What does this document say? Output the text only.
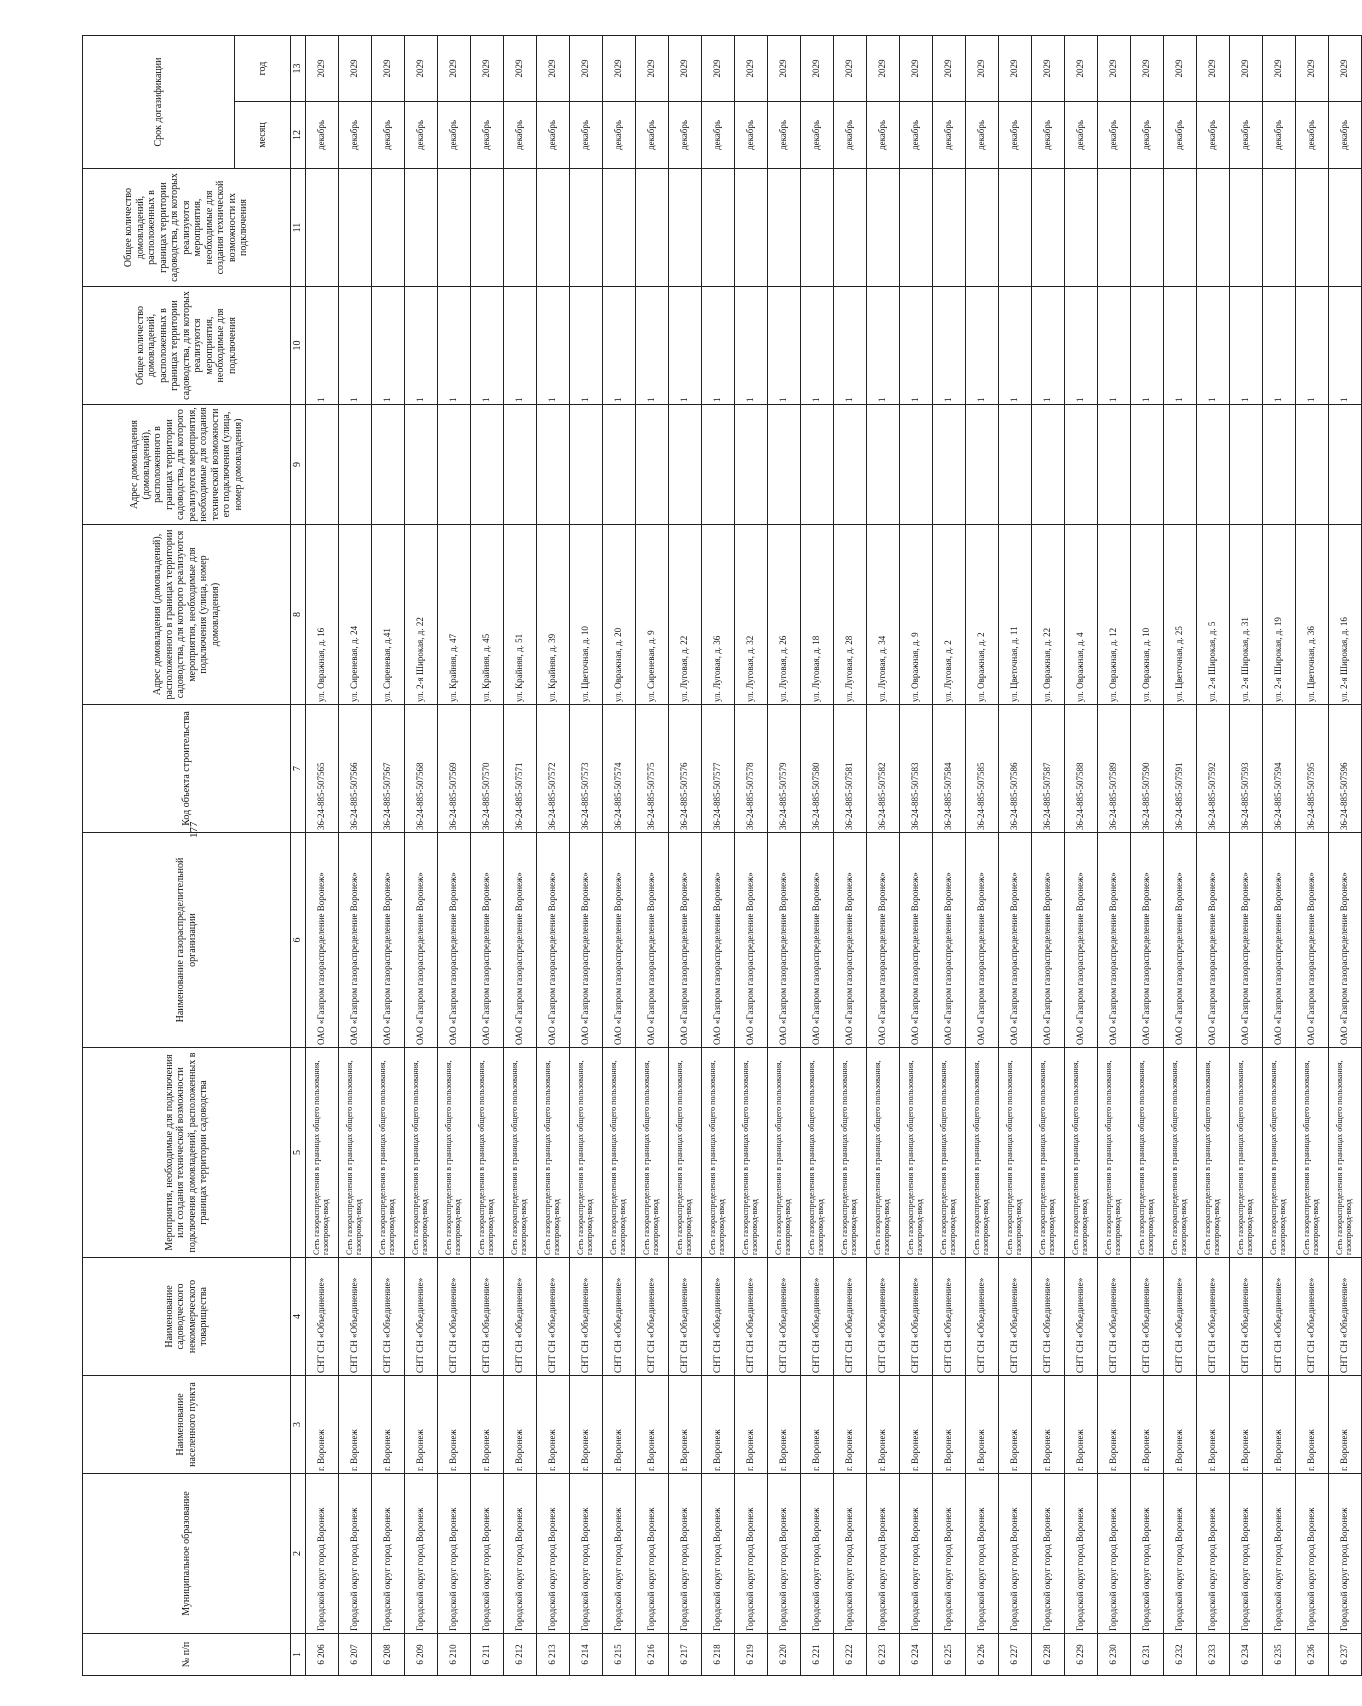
177
№ п/п	Муниципальное образование	Наименование населенного пункта	Наименование садоводческого некоммерческого товарищества	Мероприятия, необходимые для подключения или создания технической возможности подключения домовладений, расположенных в границах территории садоводства	Наименование газораспределительной организации	Код объекта строительства	Адрес домовладения (домовладений), расположенного в границах территории садоводства, для которого реализуются мероприятия, необходимые для подключения (улица, номер домовладения)	Адрес домовладения (домовладений), расположенного в границах территории садоводства, для которого реализуются мероприятия, необходимые для создания технической возможности его подключения (улица, номер домовладения)	Общее количество домовладений, расположенных в границах территории садоводства, для которых реализуются мероприятия, необходимые для подключения	Общее количество домовладений, расположенных в границах территории садоводства, для которых реализуются мероприятия, необходимые для создания технической возможности их подключения	Срок догазификации	
											месяц	год
1	2	3	4	5	6	7	8	9	10	11	12	13
6 206	Городской округ город Воронеж	г. Воронеж	СНТ СН «Объединение»	Сеть газораспределения в границах общего пользования, газопровод-ввод	ОАО «Газпром газораспределение Воронеж»	36-24-885-507565	ул. Овражная, д. 16		1		декабрь	2029
6 207	Городской округ город Воронеж	г. Воронеж	СНТ СН «Объединение»	Сеть газораспределения в границах общего пользования, газопровод-ввод	ОАО «Газпром газораспределение Воронеж»	36-24-885-507566	ул. Сиреневая, д. 24		1		декабрь	2029
6 208	Городской округ город Воронеж	г. Воронеж	СНТ СН «Объединение»	Сеть газораспределения в границах общего пользования, газопровод-ввод	ОАО «Газпром газораспределение Воронеж»	36-24-885-507567	ул. Сиреневая, д.41		1		декабрь	2029
6 209	Городской округ город Воронеж	г. Воронеж	СНТ СН «Объединение»	Сеть газораспределения в границах общего пользования, газопровод-ввод	ОАО «Газпром газораспределение Воронеж»	36-24-885-507568	ул. 2-я Широкая, д. 22		1		декабрь	2029
6 210	Городской округ город Воронеж	г. Воронеж	СНТ СН «Объединение»	Сеть газораспределения в границах общего пользования, газопровод-ввод	ОАО «Газпром газораспределение Воронеж»	36-24-885-507569	ул. Крайняя, д. 47		1		декабрь	2029
6 211	Городской округ город Воронеж	г. Воронеж	СНТ СН «Объединение»	Сеть газораспределения в границах общего пользования, газопровод-ввод	ОАО «Газпром газораспределение Воронеж»	36-24-885-507570	ул. Крайняя, д. 45		1		декабрь	2029
6 212	Городской округ город Воронеж	г. Воронеж	СНТ СН «Объединение»	Сеть газораспределения в границах общего пользования, газопровод-ввод	ОАО «Газпром газораспределение Воронеж»	36-24-885-507571	ул. Крайняя, д. 51		1		декабрь	2029
6 213	Городской округ город Воронеж	г. Воронеж	СНТ СН «Объединение»	Сеть газораспределения в границах общего пользования, газопровод-ввод	ОАО «Газпром газораспределение Воронеж»	36-24-885-507572	ул. Крайняя, д. 39		1		декабрь	2029
6 214	Городской округ город Воронеж	г. Воронеж	СНТ СН «Объединение»	Сеть газораспределения в границах общего пользования, газопровод-ввод	ОАО «Газпром газораспределение Воронеж»	36-24-885-507573	ул. Цветочная, д. 10		1		декабрь	2029
6 215	Городской округ город Воронеж	г. Воронеж	СНТ СН «Объединение»	Сеть газораспределения в границах общего пользования, газопровод-ввод	ОАО «Газпром газораспределение Воронеж»	36-24-885-507574	ул. Овражная, д. 20		1		декабрь	2029
6 216	Городской округ город Воронеж	г. Воронеж	СНТ СН «Объединение»	Сеть газораспределения в границах общего пользования, газопровод-ввод	ОАО «Газпром газораспределение Воронеж»	36-24-885-507575	ул. Сиреневая, д. 9		1		декабрь	2029
6 217	Городской округ город Воронеж	г. Воронеж	СНТ СН «Объединение»	Сеть газораспределения в границах общего пользования, газопровод-ввод	ОАО «Газпром газораспределение Воронеж»	36-24-885-507576	ул. Луговая, д. 22		1		декабрь	2029
6 218	Городской округ город Воронеж	г. Воронеж	СНТ СН «Объединение»	Сеть газораспределения в границах общего пользования, газопровод-ввод	ОАО «Газпром газораспределение Воронеж»	36-24-885-507577	ул. Луговая, д. 36		1		декабрь	2029
6 219	Городской округ город Воронеж	г. Воронеж	СНТ СН «Объединение»	Сеть газораспределения в границах общего пользования, газопровод-ввод	ОАО «Газпром газораспределение Воронеж»	36-24-885-507578	ул. Луговая, д. 32		1		декабрь	2029
6 220	Городской округ город Воронеж	г. Воронеж	СНТ СН «Объединение»	Сеть газораспределения в границах общего пользования, газопровод-ввод	ОАО «Газпром газораспределение Воронеж»	36-24-885-507579	ул. Луговая, д. 26		1		декабрь	2029
6 221	Городской округ город Воронеж	г. Воронеж	СНТ СН «Объединение»	Сеть газораспределения в границах общего пользования, газопровод-ввод	ОАО «Газпром газораспределение Воронеж»	36-24-885-507580	ул. Луговая, д. 18		1		декабрь	2029
6 222	Городской округ город Воронеж	г. Воронеж	СНТ СН «Объединение»	Сеть газораспределения в границах общего пользования, газопровод-ввод	ОАО «Газпром газораспределение Воронеж»	36-24-885-507581	ул. Луговая, д. 28		1		декабрь	2029
6 223	Городской округ город Воронеж	г. Воронеж	СНТ СН «Объединение»	Сеть газораспределения в границах общего пользования, газопровод-ввод	ОАО «Газпром газораспределение Воронеж»	36-24-885-507582	ул. Луговая, д. 34		1		декабрь	2029
6 224	Городской округ город Воронеж	г. Воронеж	СНТ СН «Объединение»	Сеть газораспределения в границах общего пользования, газопровод-ввод	ОАО «Газпром газораспределение Воронеж»	36-24-885-507583	ул. Овражная, д. 9		1		декабрь	2029
6 225	Городской округ город Воронеж	г. Воронеж	СНТ СН «Объединение»	Сеть газораспределения в границах общего пользования, газопровод-ввод	ОАО «Газпром газораспределение Воронеж»	36-24-885-507584	ул. Луговая, д. 2		1		декабрь	2029
6 226	Городской округ город Воронеж	г. Воронеж	СНТ СН «Объединение»	Сеть газораспределения в границах общего пользования, газопровод-ввод	ОАО «Газпром газораспределение Воронеж»	36-24-885-507585	ул. Овражная, д. 2		1		декабрь	2029
6 227	Городской округ город Воронеж	г. Воронеж	СНТ СН «Объединение»	Сеть газораспределения в границах общего пользования, газопровод-ввод	ОАО «Газпром газораспределение Воронеж»	36-24-885-507586	ул. Цветочная, д. 11		1		декабрь	2029
6 228	Городской округ город Воронеж	г. Воронеж	СНТ СН «Объединение»	Сеть газораспределения в границах общего пользования, газопровод-ввод	ОАО «Газпром газораспределение Воронеж»	36-24-885-507587	ул. Овражная, д. 22		1		декабрь	2029
6 229	Городской округ город Воронеж	г. Воронеж	СНТ СН «Объединение»	Сеть газораспределения в границах общего пользования, газопровод-ввод	ОАО «Газпром газораспределение Воронеж»	36-24-885-507588	ул. Овражная, д. 4		1		декабрь	2029
6 230	Городской округ город Воронеж	г. Воронеж	СНТ СН «Объединение»	Сеть газораспределения в границах общего пользования, газопровод-ввод	ОАО «Газпром газораспределение Воронеж»	36-24-885-507589	ул. Овражная, д. 12		1		декабрь	2029
6 231	Городской округ город Воронеж	г. Воронеж	СНТ СН «Объединение»	Сеть газораспределения в границах общего пользования, газопровод-ввод	ОАО «Газпром газораспределение Воронеж»	36-24-885-507590	ул. Овражная, д. 10		1		декабрь	2029
6 232	Городской округ город Воронеж	г. Воронеж	СНТ СН «Объединение»	Сеть газораспределения в границах общего пользования, газопровод-ввод	ОАО «Газпром газораспределение Воронеж»	36-24-885-507591	ул. Цветочная, д. 25		1		декабрь	2029
6 233	Городской округ город Воронеж	г. Воронеж	СНТ СН «Объединение»	Сеть газораспределения в границах общего пользования, газопровод-ввод	ОАО «Газпром газораспределение Воронеж»	36-24-885-507592	ул. 2-я Широкая, д. 5		1		декабрь	2029
6 234	Городской округ город Воронеж	г. Воронеж	СНТ СН «Объединение»	Сеть газораспределения в границах общего пользования, газопровод-ввод	ОАО «Газпром газораспределение Воронеж»	36-24-885-507593	ул. 2-я Широкая, д. 31		1		декабрь	2029
6 235	Городской округ город Воронеж	г. Воронеж	СНТ СН «Объединение»	Сеть газораспределения в границах общего пользования, газопровод-ввод	ОАО «Газпром газораспределение Воронеж»	36-24-885-507594	ул. 2-я Широкая, д. 19		1		декабрь	2029
6 236	Городской округ город Воронеж	г. Воронеж	СНТ СН «Объединение»	Сеть газораспределения в границах общего пользования, газопровод-ввод	ОАО «Газпром газораспределение Воронеж»	36-24-885-507595	ул. Цветочная, д. 36		1		декабрь	2029
6 237	Городской округ город Воронеж	г. Воронеж	СНТ СН «Объединение»	Сеть газораспределения в границах общего пользования, газопровод-ввод	ОАО «Газпром газораспределение Воронеж»	36-24-885-507596	ул. 2-я Широкая, д. 16		1		декабрь	2029
